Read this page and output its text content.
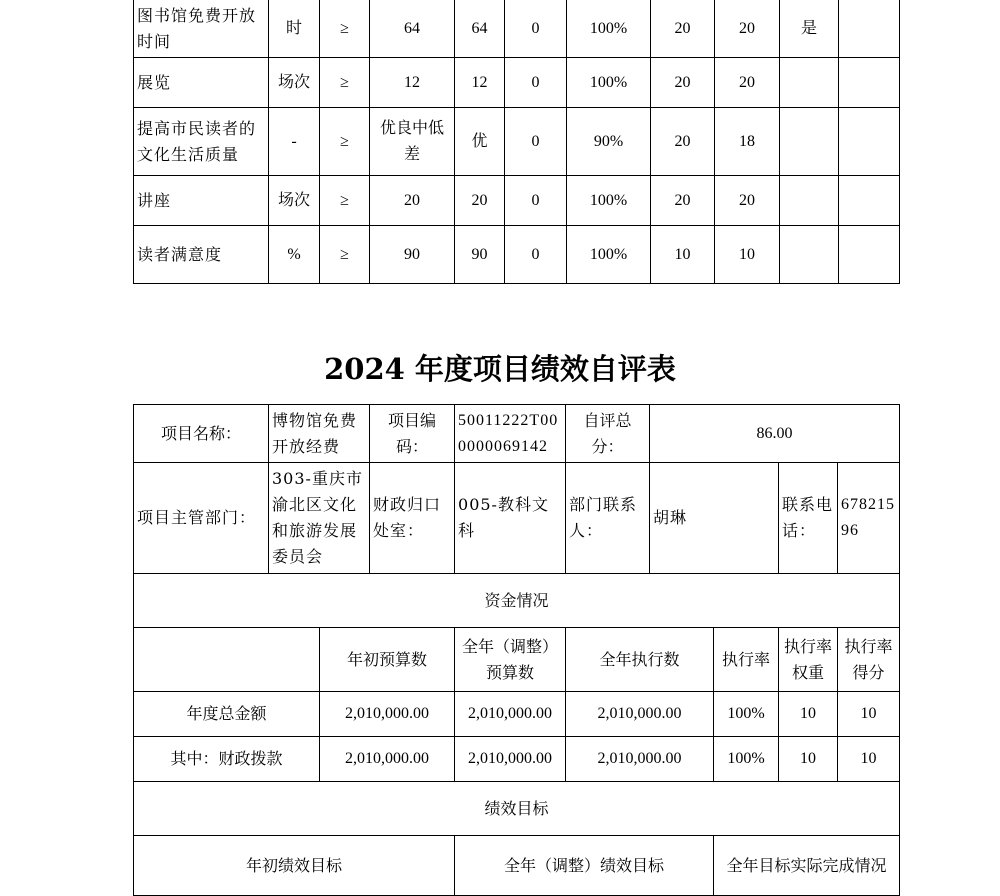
图书馆免费开放时间	时	≥	64	64	0	100%	20	20	是	
展览	场次	≥	12	12	0	100%	20	20		
提高市民读者的文化生活质量	-	≥	优良中低差	优	0	90%	20	18		
讲座	场次	≥	20	20	0	100%	20	20		
读者满意度	%	≥	90	90	0	100%	10	10		
2024 年度项目绩效自评表
项目名称：	博物馆免费开放经费		项目编码：	50011222T000000069142	自评总分：	86.00			
项目主管部门：	303-重庆市渝北区文化和旅游发展委员会		财政归口处室：	005-教科文科	部门联系人：	胡琳		联系电话：	67821596
资金情况									
		年初预算数		全年（调整）预算数	全年执行数		执行率	执行率权重	执行率得分
年度总金额		2,010,000.00		2,010,000.00	2,010,000.00		100%	10	10
其中：财政拨款		2,010,000.00		2,010,000.00	2,010,000.00		100%	10	10
绩效目标									
年初绩效目标				全年（调整）绩效目标			全年目标实际完成情况		
